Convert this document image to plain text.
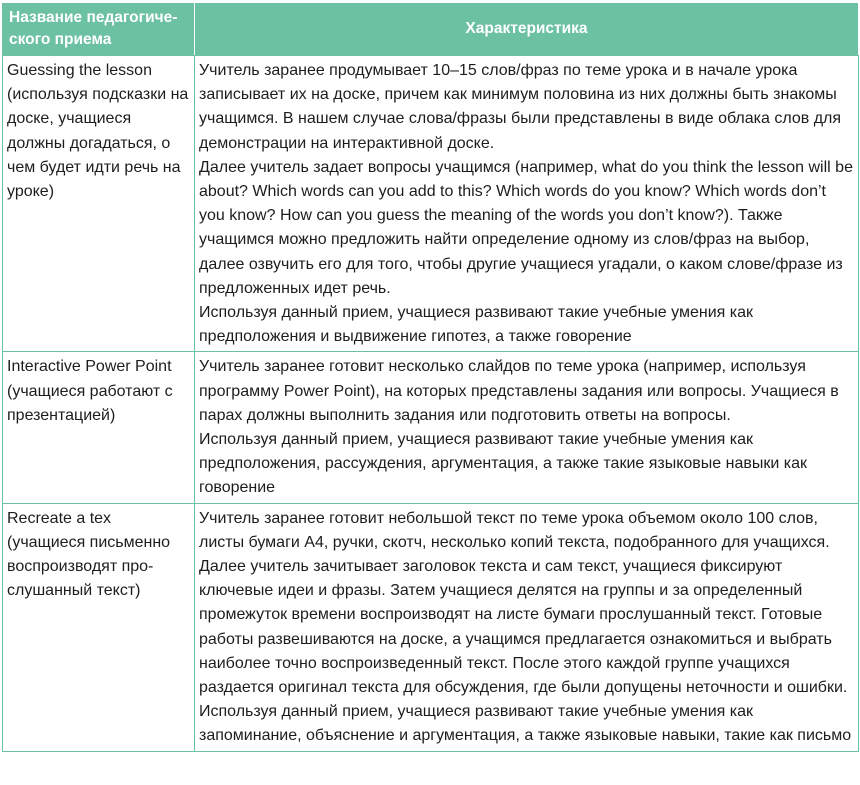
Название педагогиче-
ского приема	Характеристика
Guessing the lesson (используя подсказки на доске, учащиеся должны догадаться, о чем будет идти речь на уроке)	Учитель заранее продумывает 10–15 слов/фраз по теме урока и в начале урока записывает их на доске, причем как минимум половина из них должны быть знакомы учащимся. В нашем случае слова/фразы были представлены в виде облака слов для демонстрации на интерактивной доске.
Далее учитель задает вопросы учащимся (например, what do you think the lesson will be about? Which words can you add to this? Which words do you know? Which words don’t you know? How can you guess the meaning of the words you don’t know?). Также учащимся можно предложить найти определение одному из слов/фраз на выбор, далее озвучить его для того, чтобы другие учащиеся угадали, о каком слове/фразе из предложенных идет речь.
Используя данный прием, учащиеся развивают такие учебные умения как предположения и выдвижение гипотез, а также говорение

Interactive Power Point (учащиеся работают с презентацией)	Учитель заранее готовит несколько слайдов по теме урока (например, используя программу Power Point), на которых представлены задания или вопросы. Учащиеся в парах должны выполнить задания или подготовить ответы на вопросы.
Используя данный прием, учащиеся развивают такие учебные умения как предположения, рассуждения, аргументация, а также такие языковые навыки как говорение

Recreate a tex (учащиеся письменно воспроизводят про-слушанный текст)	Учитель заранее готовит небольшой текст по теме урока объемом около 100 слов, листы бумаги А4, ручки, скотч, несколько копий текста, подобранного для учащихся. Далее учитель зачитывает заголовок текста и сам текст, учащиеся фиксируют ключевые идеи и фразы. Затем учащиеся делятся на группы и за определенный промежуток времени воспроизводят на листе бумаги прослушанный текст. Готовые работы развешиваются на доске, а учащимся предлагается ознакомиться и выбрать наиболее точно воспроизведенный текст. После этого каждой группе учащихся раздается оригинал текста для обсуждения, где были допущены неточности и ошибки.
Используя данный прием, учащиеся развивают такие учебные умения как запоминание, объяснение и аргументация, а также языковые навыки, такие как письмо
